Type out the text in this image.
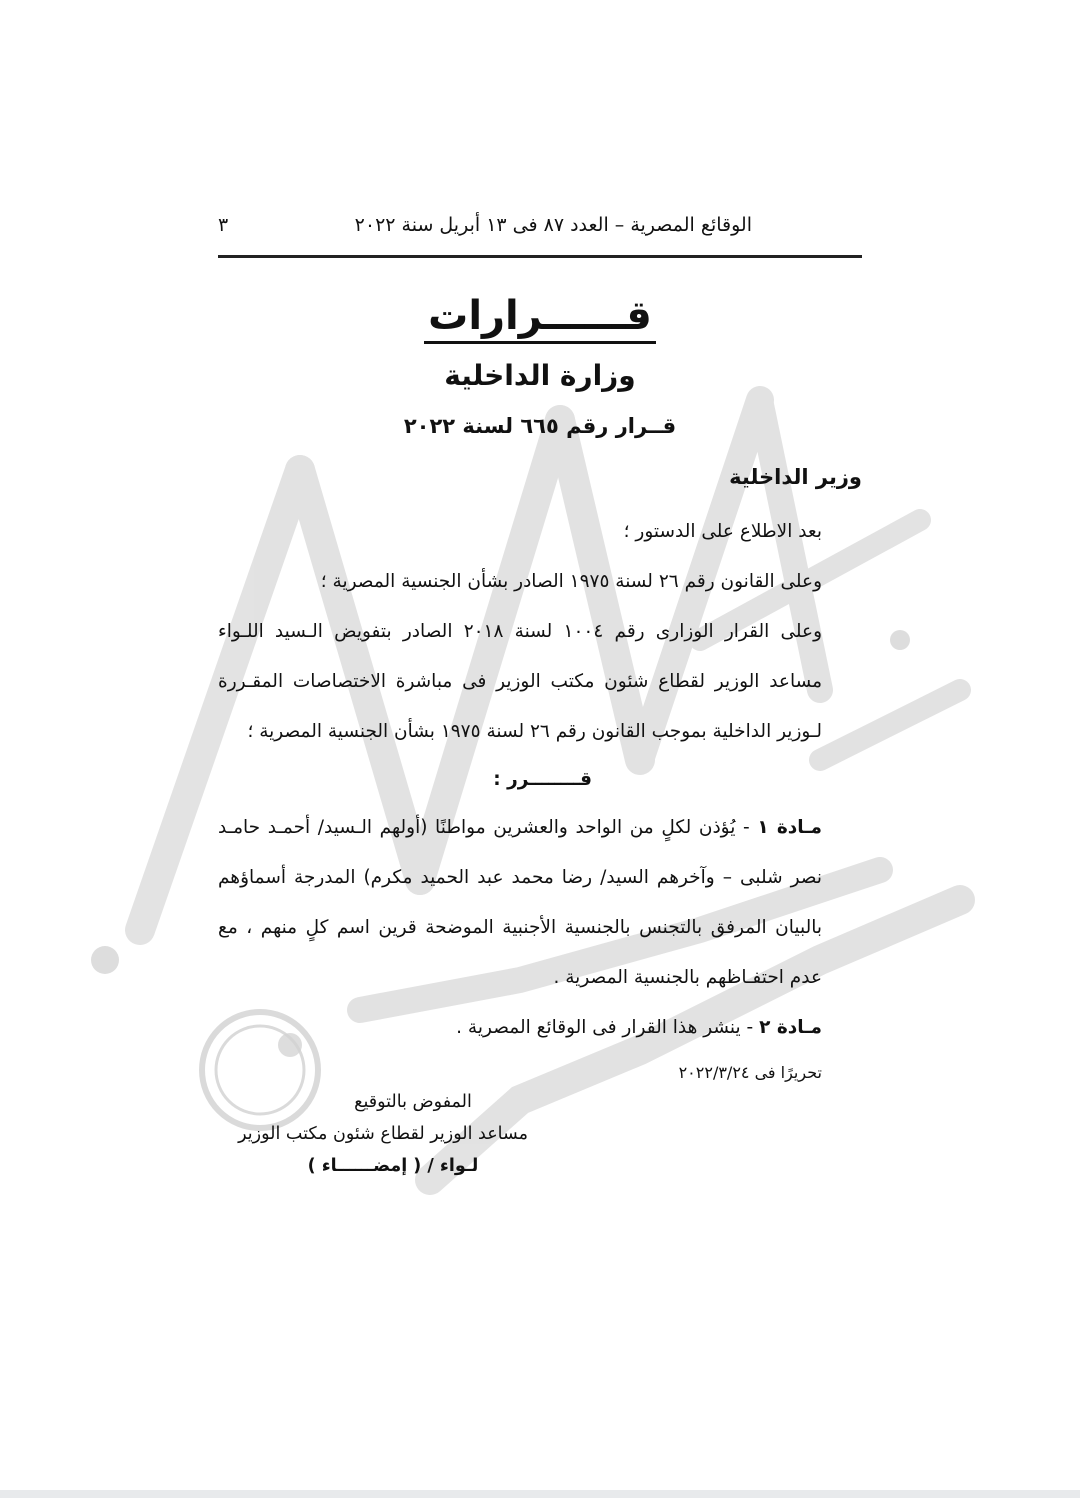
الوقائع المصرية – العدد ٨٧ فى ١٣ أبريل سنة ٢٠٢٢
٣
قــــــرارات
وزارة الداخلية
قــرار رقم ٦٦٥ لسنة ٢٠٢٢
وزير الداخلية

بعد الاطلاع على الدستور ؛

وعلى القانون رقم ٢٦ لسنة ١٩٧٥ الصادر بشأن الجنسية المصرية ؛

وعلى القرار الوزارى رقم ١٠٠٤ لسنة ٢٠١٨ الصادر بتفويض الـسيد اللـواء مساعد الوزير لقطاع شئون مكتب الوزير فى مباشرة الاختصاصات المقـررة لـوزير الداخلية بموجب القانون رقم ٢٦ لسنة ١٩٧٥ بشأن الجنسية المصرية ؛

قــــــــرر :

مـادة ١ - يُؤذن لكلٍ من الواحد والعشرين مواطنًا (أولهم الـسيد/ أحمـد حامـد نصر شلبى – وآخرهم السيد/ رضا محمد عبد الحميد مكرم) المدرجة أسماؤهم بالبيان المرفق بالتجنس بالجنسية الأجنبية الموضحة قرين اسم كلٍ منهم ، مع عدم احتفـاظهم بالجنسية المصرية .

مـادة ٢ - ينشر هذا القرار فى الوقائع المصرية .

تحريرًا فى ٢٠٢٢/٣/٢٤

المفوض بالتوقيع
مساعد الوزير لقطاع شئون مكتب الوزير
لـواء / ( إمضــــــاء )
